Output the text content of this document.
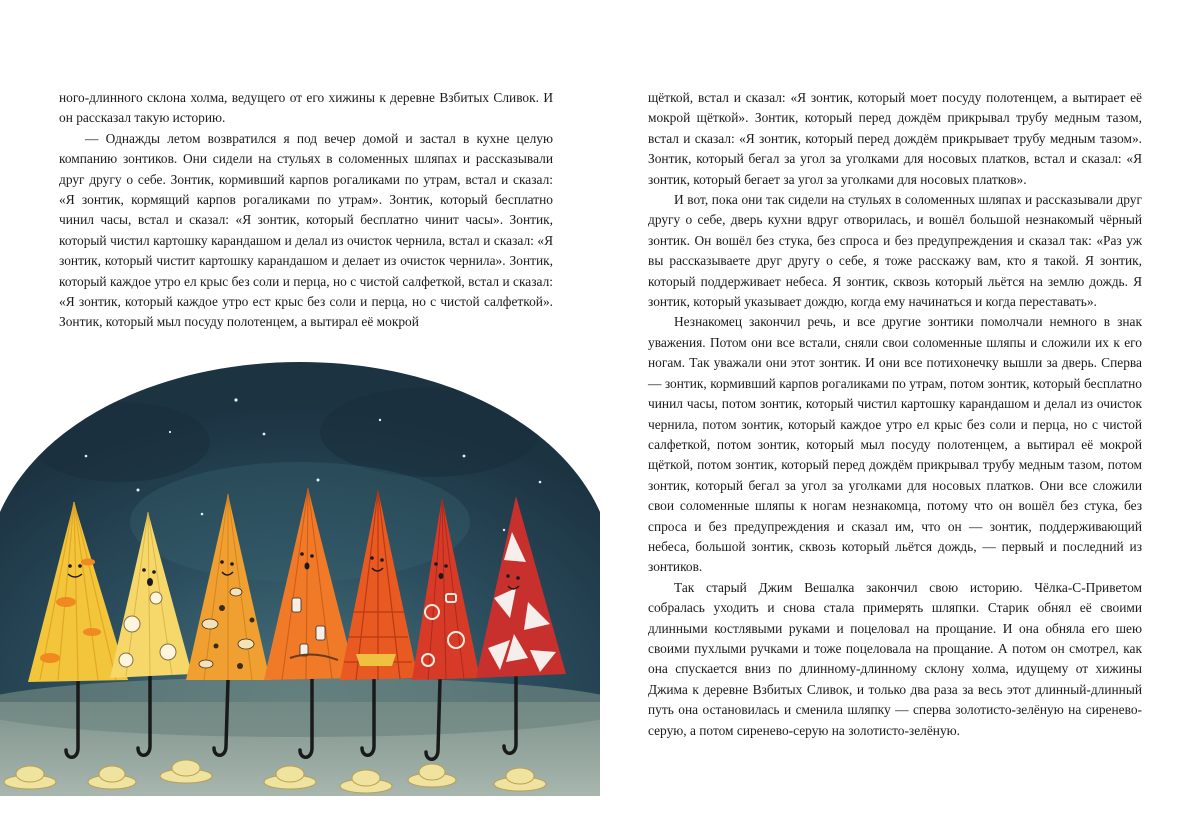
ного-длинного склона холма, ведущего от его хижины к деревне Взбитых Сливок. И он рассказал такую историю.

— Однажды летом возвратился я под вечер домой и застал в кухне целую компанию зонтиков. Они сидели на стульях в соломенных шляпах и рассказывали друг другу о себе. Зонтик, кормивший карпов рогаликами по утрам, встал и сказал: «Я зонтик, кормящий карпов рогаликами по утрам». Зонтик, который бесплатно чинил часы, встал и сказал: «Я зонтик, который бесплатно чинит часы». Зонтик, который чистил картошку карандашом и делал из очисток чернила, встал и сказал: «Я зонтик, который чистит картошку карандашом и делает из очисток чернила». Зонтик, который каждое утро ел крыс без соли и перца, но с чистой салфеткой, встал и сказал: «Я зонтик, который каждое утро ест крыс без соли и перца, но с чистой салфеткой». Зонтик, который мыл посуду полотенцем, а вытирал её мокрой

щёткой, встал и сказал: «Я зонтик, который моет посуду полотенцем, а вытирает её мокрой щёткой». Зонтик, который перед дождём прикрывал трубу медным тазом, встал и сказал: «Я зонтик, который перед дождём прикрывает трубу медным тазом». Зонтик, который бегал за угол за уголками для носовых платков, встал и сказал: «Я зонтик, который бегает за угол за уголками для носовых платков».

И вот, пока они так сидели на стульях в соломенных шляпах и рассказывали друг другу о себе, дверь кухни вдруг отворилась, и вошёл большой незнакомый чёрный зонтик. Он вошёл без стука, без спроса и без предупреждения и сказал так: «Раз уж вы рассказываете друг другу о себе, я тоже расскажу вам, кто я такой. Я зонтик, который поддерживает небеса. Я зонтик, сквозь который льётся на землю дождь. Я зонтик, который указывает дождю, когда ему начинаться и когда переставать».

Незнакомец закончил речь, и все другие зонтики помолчали немного в знак уважения. Потом они все встали, сняли свои соломенные шляпы и сложили их к его ногам. Так уважали они этот зонтик. И они все потихонечку вышли за дверь. Сперва — зонтик, кормивший карпов рогаликами по утрам, потом зонтик, который бесплатно чинил часы, потом зонтик, который чистил картошку карандашом и делал из очисток чернила, потом зонтик, который каждое утро ел крыс без соли и перца, но с чистой салфеткой, потом зонтик, который мыл посуду полотенцем, а вытирал её мокрой щёткой, потом зонтик, который перед дождём прикрывал трубу медным тазом, потом зонтик, который бегал за угол за уголками для носовых платков. Они все сложили свои соломенные шляпы к ногам незнакомца, потому что он вошёл без стука, без спроса и без предупреждения и сказал им, что он — зонтик, поддерживающий небеса, большой зонтик, сквозь который льётся дождь, — первый и последний из зонтиков.

Так старый Джим Вешалка закончил свою историю. Чёлка-С-Приветом собралась уходить и снова стала примерять шляпки. Старик обнял её своими длинными костлявыми руками и поцеловал на прощание. И она обняла его шею своими пухлыми ручками и тоже поцеловала на прощание. А потом он смотрел, как она спускается вниз по длинному-длинному склону холма, идущему от хижины Джима к деревне Взбитых Сливок, и только два раза за весь этот длинный-длинный путь она остановилась и сменила шляпку — сперва золотисто-зелёную на сиренево-серую, а потом сиренево-серую на золотисто-зелёную.
